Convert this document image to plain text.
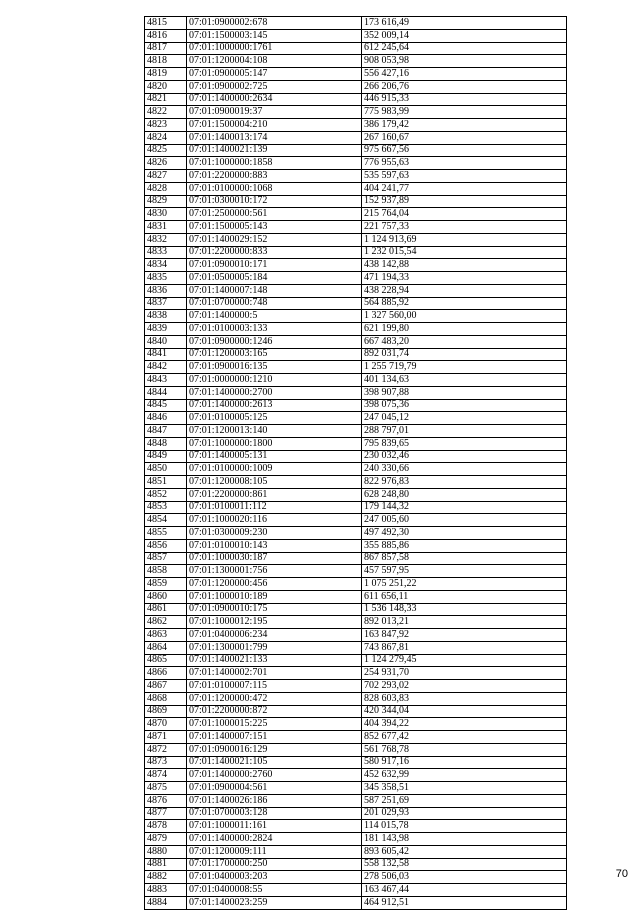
4815	07:01:0900002:678	173 616,49
4816	07:01:1500003:145	352 009,14
4817	07:01:1000000:1761	612 245,64
4818	07:01:1200004:108	908 053,98
4819	07:01:0900005:147	556 427,16
4820	07:01:0900002:725	266 206,76
4821	07:01:1400000:2634	446 915,33
4822	07:01:0900019:37	775 983,99
4823	07:01:1500004:210	386 179,42
4824	07:01:1400013:174	267 160,67
4825	07:01:1400021:139	975 667,56
4826	07:01:1000000:1858	776 955,63
4827	07:01:2200000:883	535 597,63
4828	07:01:0100000:1068	404 241,77
4829	07:01:0300010:172	152 937,89
4830	07:01:2500000:561	215 764,04
4831	07:01:1500005:143	221 757,33
4832	07:01:1400029:152	1 124 913,69
4833	07:01:2200000:833	1 232 015,54
4834	07:01:0900010:171	438 142,88
4835	07:01:0500005:184	471 194,33
4836	07:01:1400007:148	438 228,94
4837	07:01:0700000:748	564 885,92
4838	07:01:1400000:5	1 327 560,00
4839	07:01:0100003:133	621 199,80
4840	07:01:0900000:1246	667 483,20
4841	07:01:1200003:165	892 031,74
4842	07:01:0900016:135	1 255 719,79
4843	07:01:0000000:1210	401 134,63
4844	07:01:1400000:2700	398 907,88
4845	07:01:1400000:2613	398 075,36
4846	07:01:0100005:125	247 045,12
4847	07:01:1200013:140	288 797,01
4848	07:01:1000000:1800	795 839,65
4849	07:01:1400005:131	230 032,46
4850	07:01:0100000:1009	240 330,66
4851	07:01:1200008:105	822 976,83
4852	07:01:2200000:861	628 248,80
4853	07:01:0100011:112	179 144,32
4854	07:01:1000020:116	247 005,60
4855	07:01:0300009:230	497 492,30
4856	07:01:0100010:143	355 885,86
4857	07:01:1000030:187	867 857,58
4858	07:01:1300001:756	457 597,95
4859	07:01:1200000:456	1 075 251,22
4860	07:01:1000010:189	611 656,11
4861	07:01:0900010:175	1 536 148,33
4862	07:01:1000012:195	892 013,21
4863	07:01:0400006:234	163 847,92
4864	07:01:1300001:799	743 867,81
4865	07:01:1400021:133	1 124 279,45
4866	07:01:1400002:701	254 931,70
4867	07:01:0100007:115	702 293,02
4868	07:01:1200000:472	828 603,83
4869	07:01:2200000:872	420 344,04
4870	07:01:1000015:225	404 394,22
4871	07:01:1400007:151	852 677,42
4872	07:01:0900016:129	561 768,78
4873	07:01:1400021:105	580 917,16
4874	07:01:1400000:2760	452 632,99
4875	07:01:0900004:561	345 358,51
4876	07:01:1400026:186	587 251,69
4877	07:01:0700003:128	201 029,93
4878	07:01:1000011:161	114 015,78
4879	07:01:1400000:2824	181 143,98
4880	07:01:1200009:111	893 605,42
4881	07:01:1700000:250	558 132,58
4882	07:01:0400003:203	278 506,03
4883	07:01:0400008:55	163 467,44
4884	07:01:1400023:259	464 912,51
70
